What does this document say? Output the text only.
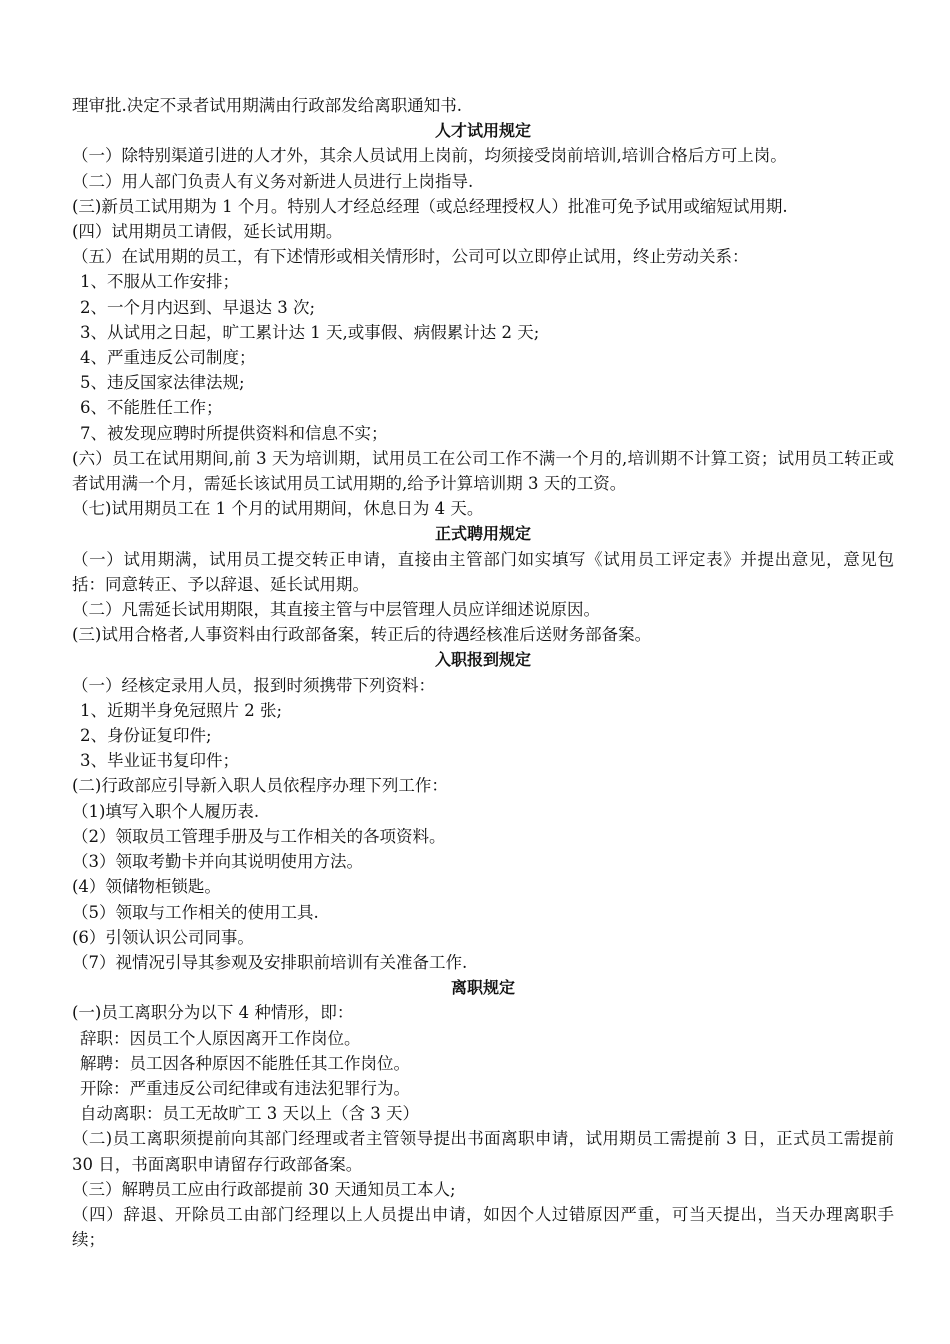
理审批.决定不录者试用期满由行政部发给离职通知书.
人才试用规定
（一）除特别渠道引进的人才外，其余人员试用上岗前，均须接受岗前培训,培训合格后方可上岗。
（二）用人部门负责人有义务对新进人员进行上岗指导.
(三)新员工试用期为 1 个月。特别人才经总经理（或总经理授权人）批准可免予试用或缩短试用期.
(四）试用期员工请假，延长试用期。
（五）在试用期的员工，有下述情形或相关情形时，公司可以立即停止试用，终止劳动关系：
1、不服从工作安排；
2、一个月内迟到、早退达 3 次;
3、从试用之日起，旷工累计达 1 天,或事假、病假累计达 2 天;
4、严重违反公司制度；
5、违反国家法律法规;
6、不能胜任工作；
7、被发现应聘时所提供资料和信息不实；
(六）员工在试用期间,前 3 天为培训期，试用员工在公司工作不满一个月的,培训期不计算工资；试用员工转正或者试用满一个月，需延长该试用员工试用期的,给予计算培训期 3 天的工资。
（七)试用期员工在 1 个月的试用期间，休息日为 4 天。
正式聘用规定
（一）试用期满，试用员工提交转正申请，直接由主管部门如实填写《试用员工评定表》并提出意见，意见包括：同意转正、予以辞退、延长试用期。
（二）凡需延长试用期限，其直接主管与中层管理人员应详细述说原因。
(三)试用合格者,人事资料由行政部备案，转正后的待遇经核准后送财务部备案。
入职报到规定
（一）经核定录用人员，报到时须携带下列资料：
1、近期半身免冠照片 2 张;
2、身份证复印件;
3、毕业证书复印件；
(二)行政部应引导新入职人员依程序办理下列工作：
（1)填写入职个人履历表.
（2）领取员工管理手册及与工作相关的各项资料。
（3）领取考勤卡并向其说明使用方法。
(4）领储物柜锁匙。
（5）领取与工作相关的使用工具.
(6）引领认识公司同事。
（7）视情况引导其参观及安排职前培训有关准备工作.
离职规定
(一)员工离职分为以下 4 种情形，即：
辞职：因员工个人原因离开工作岗位。
解聘：员工因各种原因不能胜任其工作岗位。
开除：严重违反公司纪律或有违法犯罪行为。
自动离职：员工无故旷工 3 天以上（含 3 天）
（二)员工离职须提前向其部门经理或者主管领导提出书面离职申请，试用期员工需提前 3 日，正式员工需提前 30 日，书面离职申请留存行政部备案。
（三）解聘员工应由行政部提前 30 天通知员工本人;
（四）辞退、开除员工由部门经理以上人员提出申请，如因个人过错原因严重，可当天提出，当天办理离职手续；
